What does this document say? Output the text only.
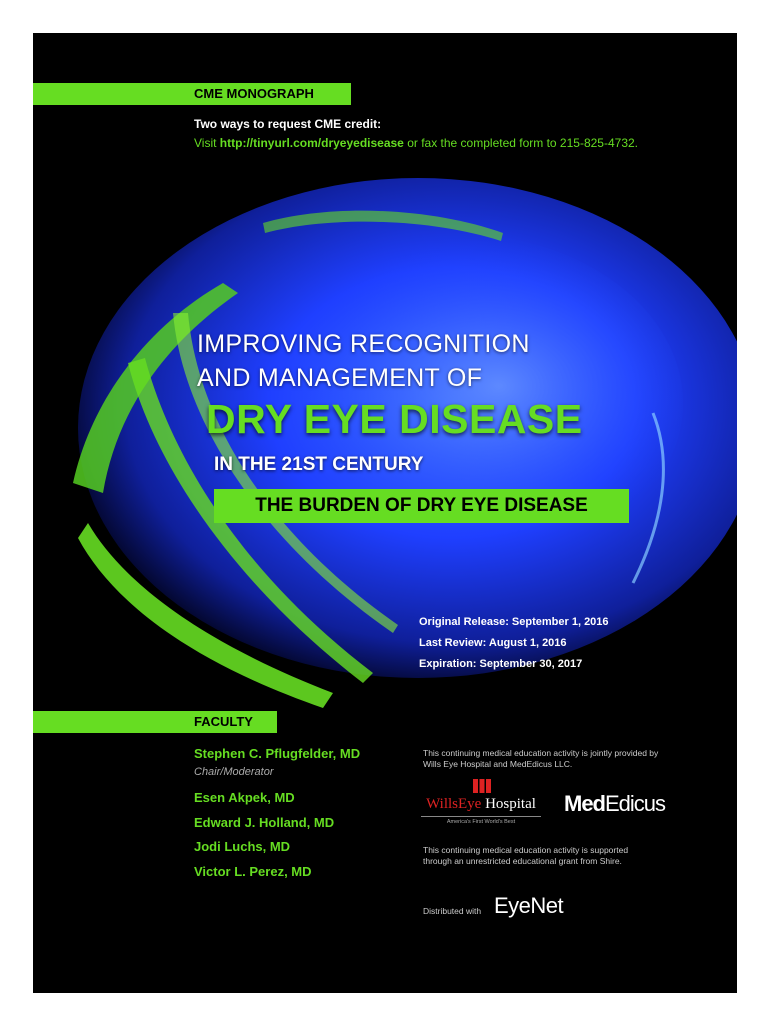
CME MONOGRAPH
Two ways to request CME credit:
Visit http://tinyurl.com/dryeyedisease or fax the completed form to 215-825-4732.
IMPROVING RECOGNITION
AND MANAGEMENT OF
DRY EYE DISEASE
IN THE 21ST CENTURY
THE BURDEN OF DRY EYE DISEASE
Original Release: September 1, 2016
Last Review: August 1, 2016
Expiration: September 30, 2017
FACULTY
Stephen C. Pflugfelder, MD
Chair/Moderator
Esen Akpek, MD
Edward J. Holland, MD
Jodi Luchs, MD
Victor L. Perez, MD
This continuing medical education activity is jointly provided by
Wills Eye Hospital and MedEdicus LLC.
WillsEye Hospital
America's First World's Best
MedEdicus
This continuing medical education activity is supported
through an unrestricted educational grant from Shire.
Distributed with EyeNet
